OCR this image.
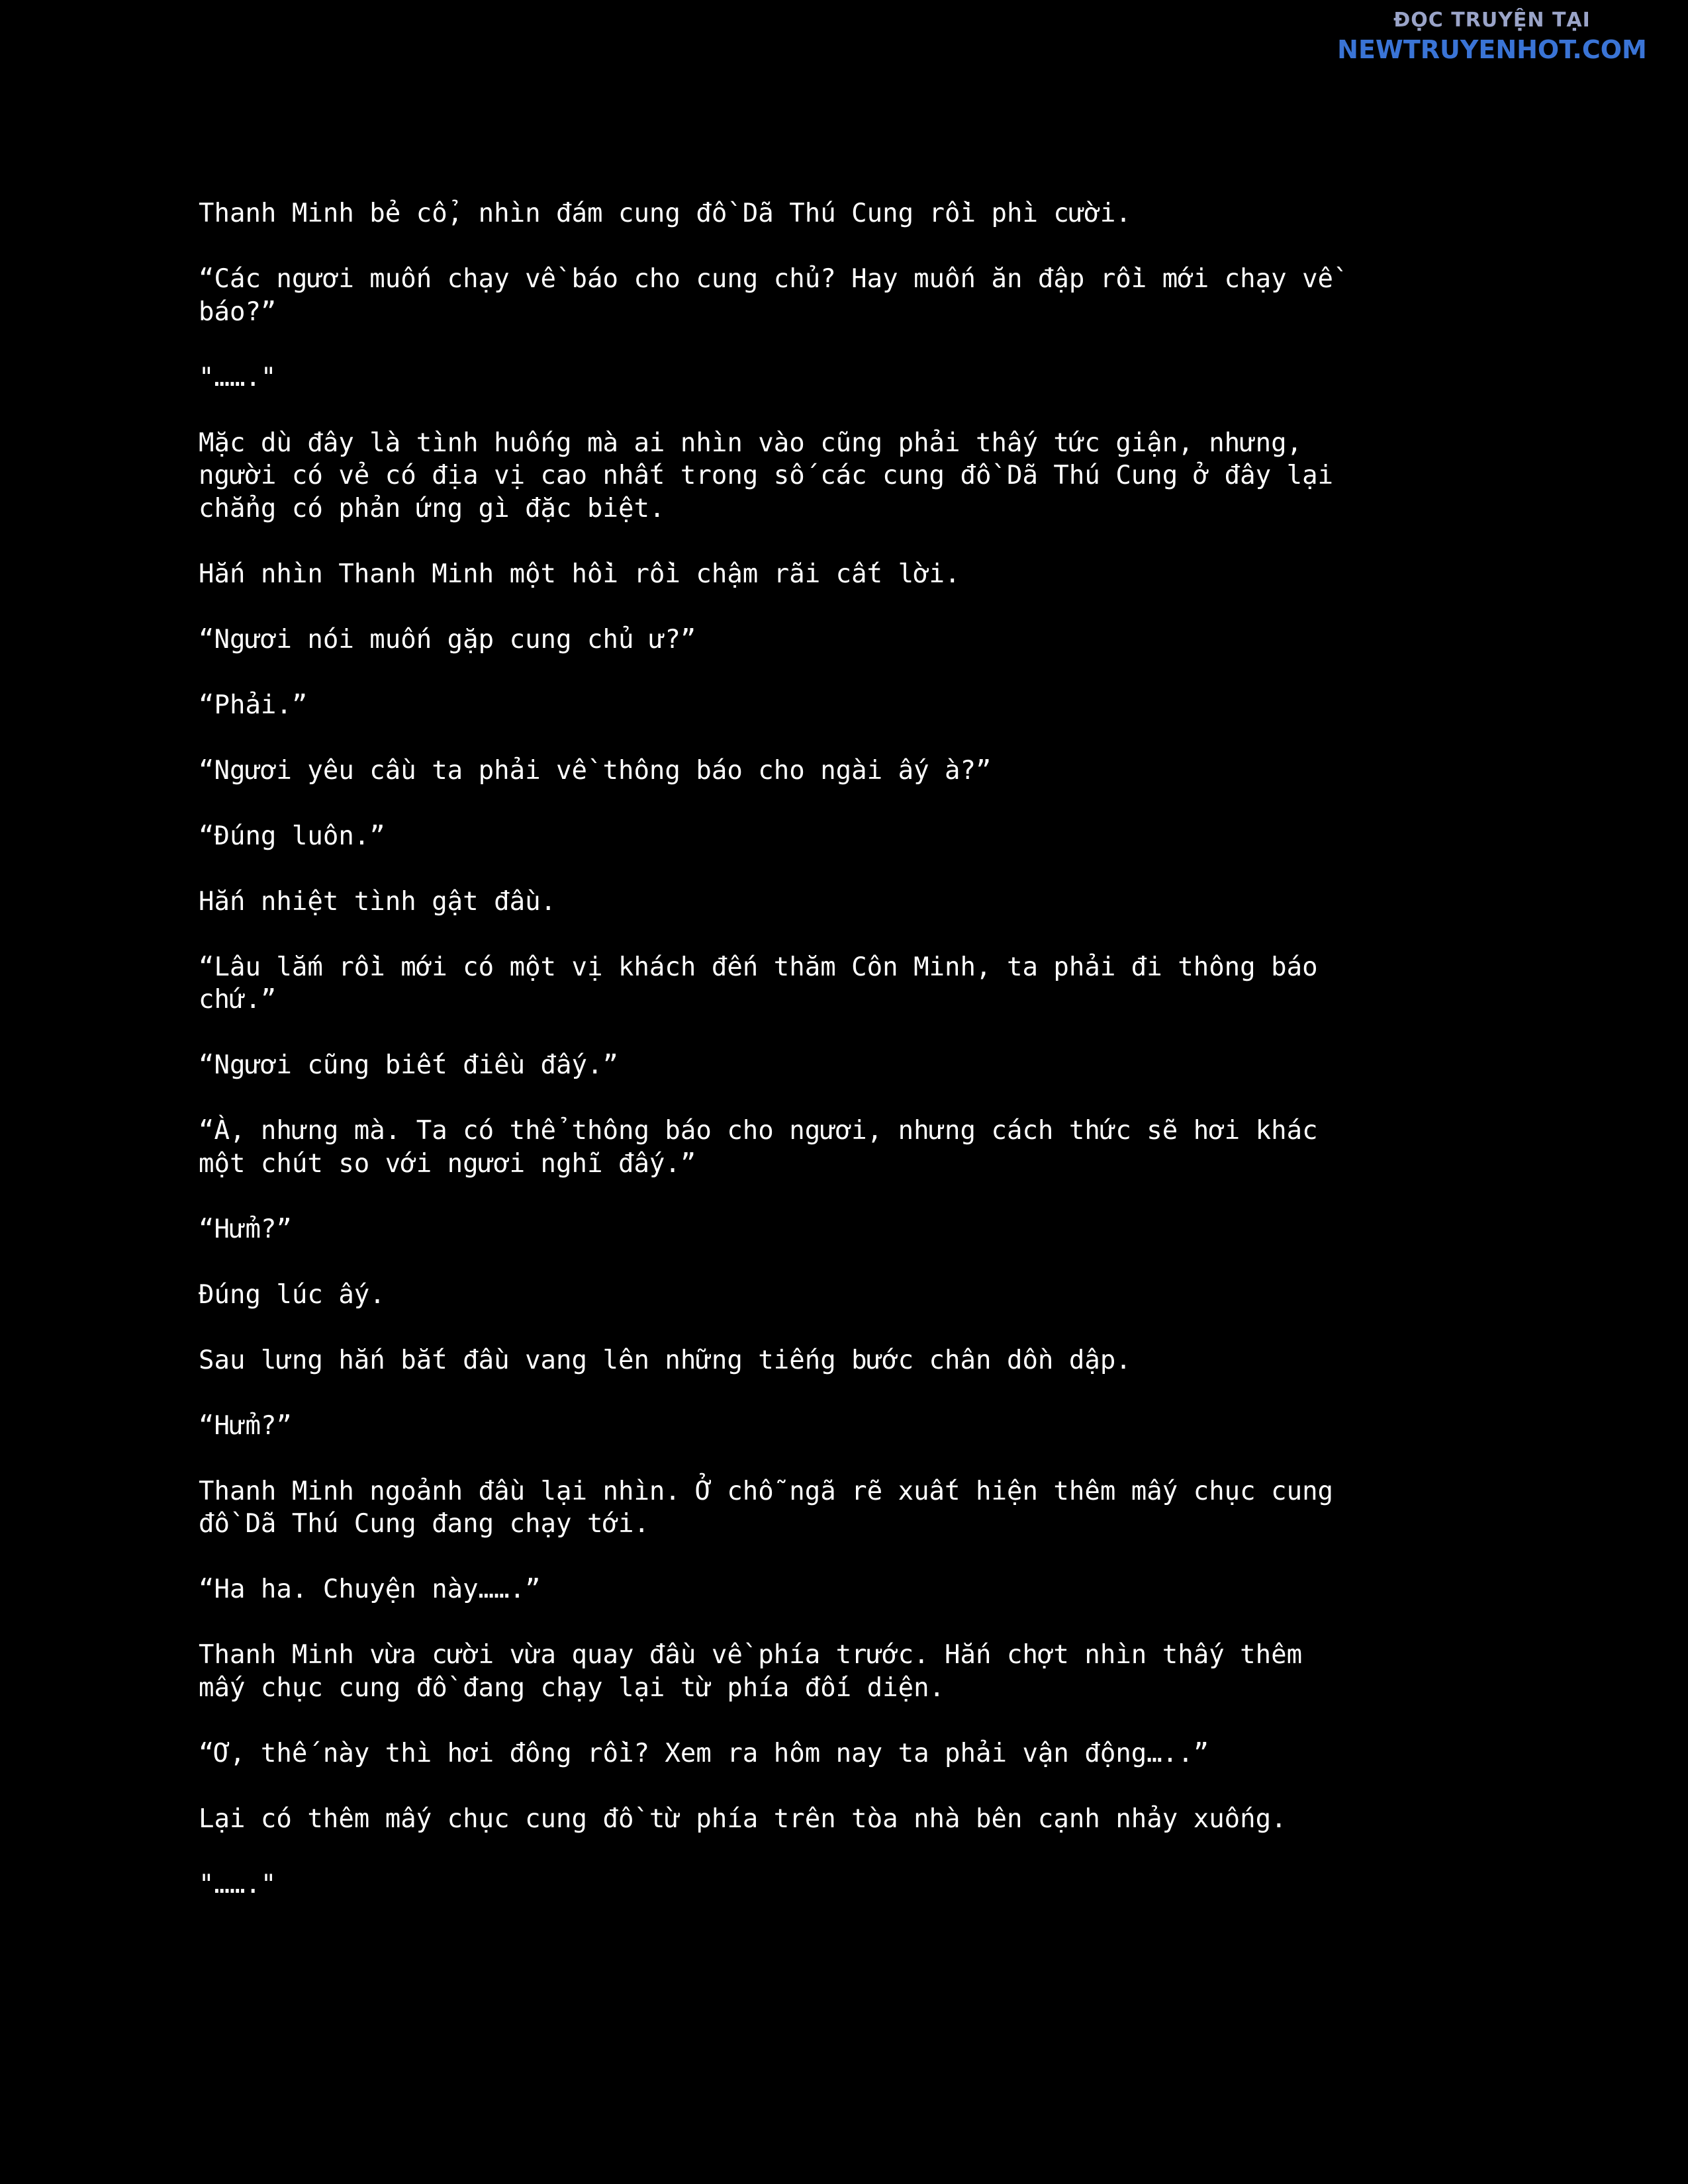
ĐỌC TRUYỆN TẠI
NEWTRUYENHOT.COM
Thanh Minh bẻ cổ, nhìn đám cung đồ Dã Thú Cung rồi phì cười.
“Các ngươi muốn chạy về báo cho cung chủ? Hay muốn ăn đập rồi mới chạy về
báo?”
"……."
Mặc dù đây là tình huống mà ai nhìn vào cũng phải thấy tức giận, nhưng,
người có vẻ có địa vị cao nhất trong số các cung đồ Dã Thú Cung ở đây lại
chẳng có phản ứng gì đặc biệt.
Hắn nhìn Thanh Minh một hồi rồi chậm rãi cất lời.
“Ngươi nói muốn gặp cung chủ ư?”
“Phải.”
“Ngươi yêu cầu ta phải về thông báo cho ngài ấy à?”
“Đúng luôn.”
Hắn nhiệt tình gật đầu.
“Lâu lắm rồi mới có một vị khách đến thăm Côn Minh, ta phải đi thông báo
chứ.”
“Ngươi cũng biết điều đấy.”
“À, nhưng mà. Ta có thể thông báo cho ngươi, nhưng cách thức sẽ hơi khác
một chút so với ngươi nghĩ đấy.”
“Hửm?”
Đúng lúc ấy.
Sau lưng hắn bắt đầu vang lên những tiếng bước chân dồn dập.
“Hửm?”
Thanh Minh ngoảnh đầu lại nhìn. Ở chỗ ngã rẽ xuất hiện thêm mấy chục cung
đồ Dã Thú Cung đang chạy tới.
“Ha ha. Chuyện này…….”
Thanh Minh vừa cười vừa quay đầu về phía trước. Hắn chợt nhìn thấy thêm
mấy chục cung đồ đang chạy lại từ phía đối diện.
“Ơ, thế này thì hơi đông rồi? Xem ra hôm nay ta phải vận động…..”
Lại có thêm mấy chục cung đồ từ phía trên tòa nhà bên cạnh nhảy xuống.
"……."
